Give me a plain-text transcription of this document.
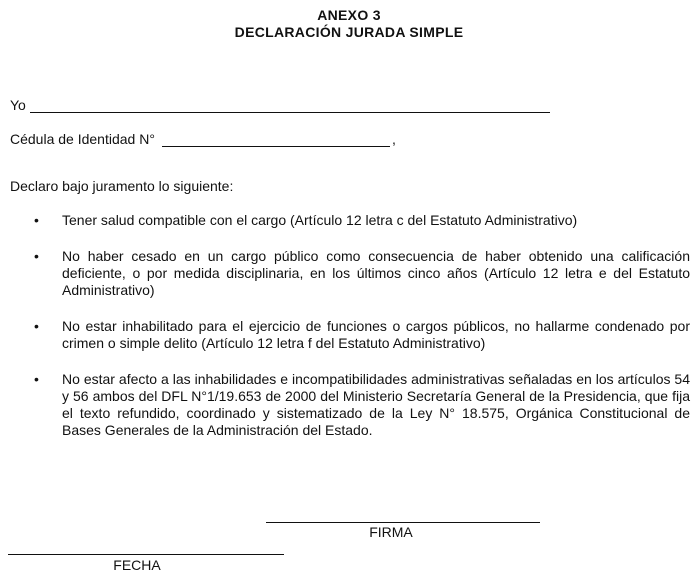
ANEXO 3
DECLARACIÓN JURADA SIMPLE
Yo
Cédula de Identidad N°	,
Declaro bajo juramento lo siguiente:
• Tener salud compatible con el cargo (Artículo 12 letra c del Estatuto Administrativo)
• No haber cesado en un cargo público como consecuencia de haber obtenido una calificación deficiente, o por medida disciplinaria, en los últimos cinco años (Artículo 12 letra e del Estatuto Administrativo)
• No estar inhabilitado para el ejercicio de funciones o cargos públicos, no hallarme condenado por crimen o simple delito (Artículo 12 letra f del Estatuto Administrativo)
• No estar afecto a las inhabilidades e incompatibilidades administrativas señaladas en los artículos 54 y 56 ambos del DFL N°1/19.653 de 2000 del Ministerio Secretaría General de la Presidencia, que fija el texto refundido, coordinado y sistematizado de la Ley N° 18.575, Orgánica Constitucional de Bases Generales de la Administración del Estado.
FIRMA
FECHA
